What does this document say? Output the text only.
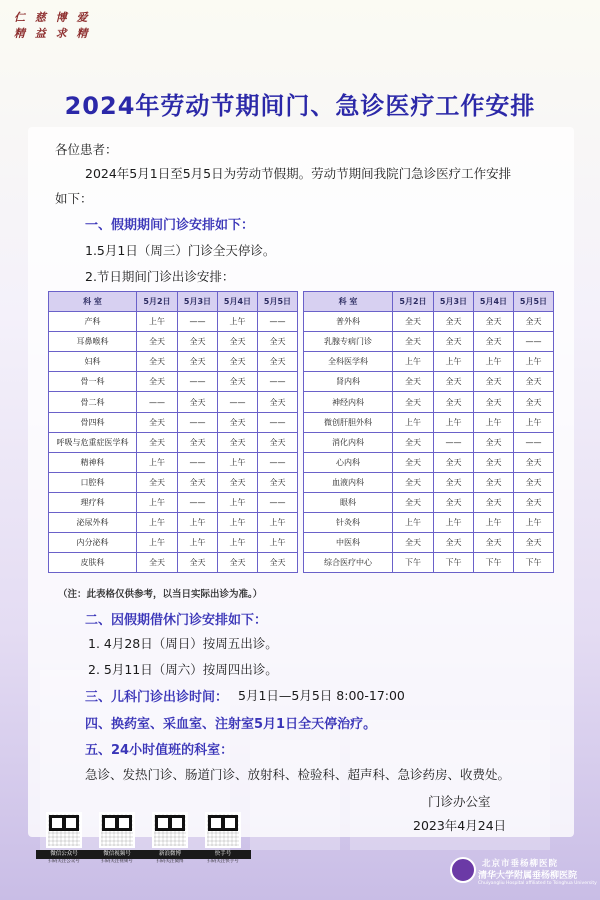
仁 慈 博 爱
精 益 求 精
2024年劳动节期间门、急诊医疗工作安排
各位患者：
2024年5月1日至5月5日为劳动节假期。劳动节期间我院门急诊医疗工作安排
如下：
一、假期期间门诊安排如下：
1.5月1日（周三）门诊全天停诊。
2.节日期间门诊出诊安排：
科 室	5月2日	5月3日	5月4日	5月5日
产科	上午	——	上午	——
耳鼻喉科	全天	全天	全天	全天
妇科	全天	全天	全天	全天
骨一科	全天	——	全天	——
骨二科	——	全天	——	全天
骨四科	全天	——	全天	——
呼吸与危重症医学科	全天	全天	全天	全天
精神科	上午	——	上午	——
口腔科	全天	全天	全天	全天
理疗科	上午	——	上午	——
泌尿外科	上午	上午	上午	上午
内分泌科	上午	上午	上午	上午
皮肤科	全天	全天	全天	全天
科 室	5月2日	5月3日	5月4日	5月5日
普外科	全天	全天	全天	全天
乳腺专病门诊	全天	全天	全天	——
全科医学科	上午	上午	上午	上午
肾内科	全天	全天	全天	全天
神经内科	全天	全天	全天	全天
微创肝胆外科	上午	上午	上午	上午
消化内科	全天	——	全天	——
心内科	全天	全天	全天	全天
血液内科	全天	全天	全天	全天
眼科	全天	全天	全天	全天
针灸科	上午	上午	上午	上午
中医科	全天	全天	全天	全天
综合医疗中心	下午	下午	下午	下午
（注：此表格仅供参考，以当日实际出诊为准。）
二、因假期借休门诊安排如下：
1. 4月28日（周日）按周五出诊。
2. 5月11日（周六）按周四出诊。
三、儿科门诊出诊时间： 5月1日—5月5日 8:00-17:00
四、换药室、采血室、注射室5月1日全天停治疗。
五、24小时值班的科室：
急诊、发热门诊、肠道门诊、放射科、检验科、超声科、急诊药房、收费处。
门诊办公室
2023年4月24日
微信公众号
扫码关注公众号
微信视频号
扫码关注视频号
新浪微博
扫码关注微博
快手号
扫码关注快手号	北京市垂杨柳医院
清华大学附属垂杨柳医院
Chuiyangliu Hospital affiliated to Tsinghua University
